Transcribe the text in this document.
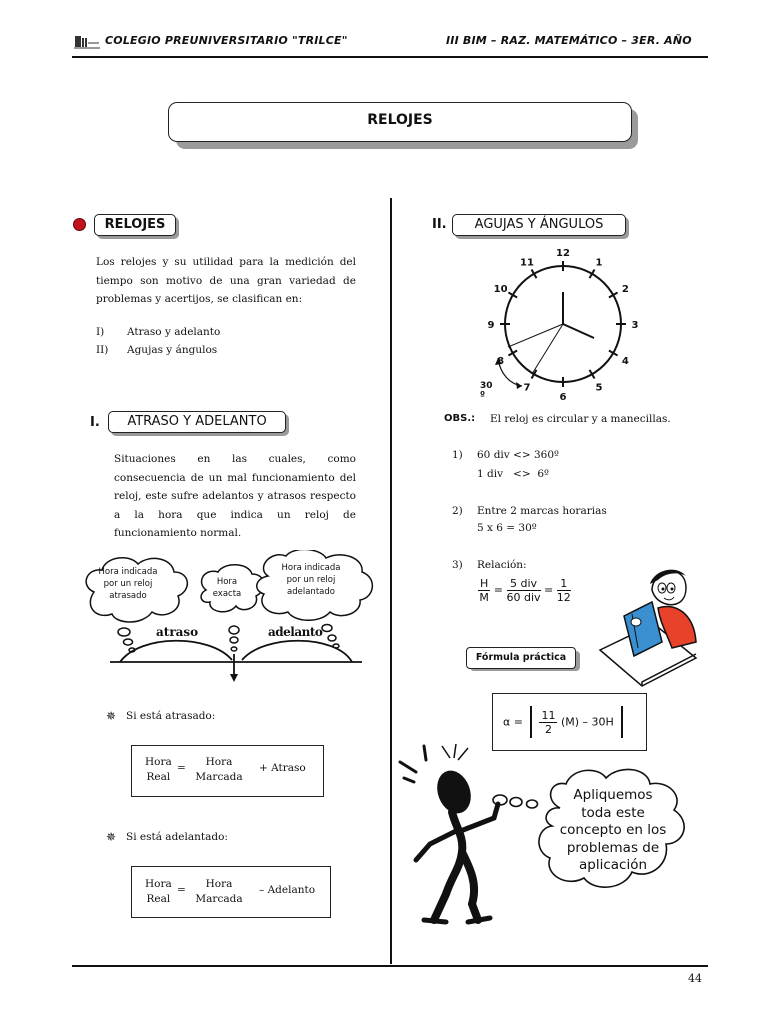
COLEGIO PREUNIVERSITARIO "TRILCE"	III BIM – RAZ. MATEMÁTICO – 3ER. AÑO
RELOJES
RELOJES
Los relojes y su utilidad para la medición del tiempo son motivo de una gran variedad de problemas y acertijos, se clasifican en:
I) Atraso y adelanto
II) Agujas y ángulos
I.	ATRASO Y ADELANTO
Situaciones en las cuales, como consecuencia de un mal funcionamiento del reloj, este sufre adelantos y atrasos respecto a la hora que indica un reloj de funcionamiento normal.
Hora indicada por un reloj atrasado
Hora exacta
Hora indicada por un reloj adelantado
atraso	adelanto
✵ Si está atrasado:
Hora
Real
=	Hora
Marcada
+ Atraso
✵ Si está adelantado:
Hora
Real
=	Hora
Marcada
– Adelanto
II.	AGUJAS Y ÁNGULOS
12
1
2
3
4
5
6
7
8
9
10
11
30º
OBS.: El reloj es circular y a manecillas.
1) 60 div <> 360º
1 div   <>  6º
2) Entre 2 marcas horarias
5 x 6 = 30º
3) Relación:
$\frac{H}{M} = \frac{\text{5 div}}{\text{60 div}} = \frac{1}{12}$
Fórmula práctica
$\alpha = \frac{11}{2} (M) - 30H$
Apliquemos toda este concepto en los problemas de aplicación
44
